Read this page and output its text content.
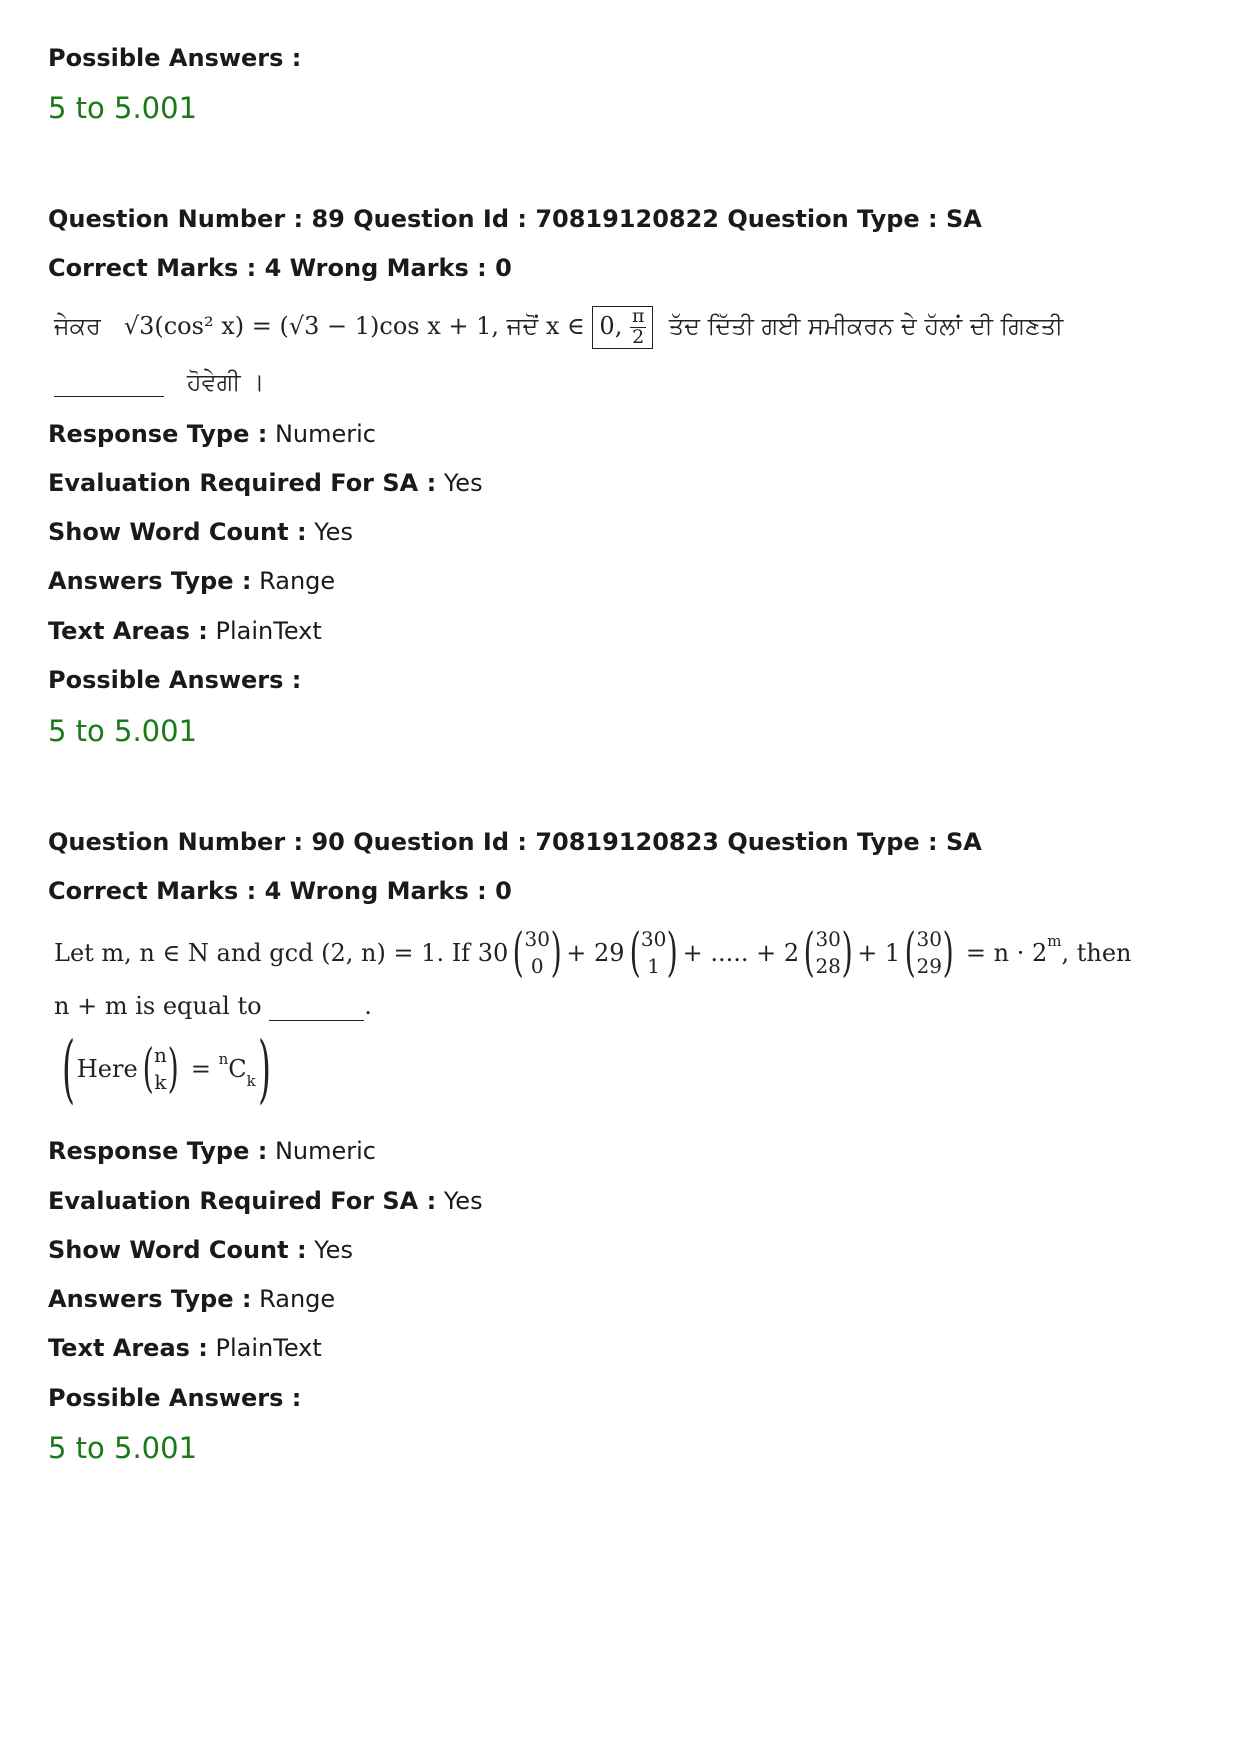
Possible Answers :
5 to 5.001
Question Number : 89 Question Id : 70819120822 Question Type : SA
Correct Marks : 4 Wrong Marks : 0
ਜੇਕਰ √3(cos² x) = (√3 − 1)cos x + 1, ਜਦੋਂ x ∈ 0, $\frac{\pi}{2}$ ਤੱਦ ਦਿੱਤੀ ਗਈ ਸਮੀਕਰਨ ਦੇ ਹੱਲਾਂ ਦੀ ਗਿਣਤੀ
ਹੋਵੇਗੀ ।
Response Type : Numeric
Evaluation Required For SA : Yes
Show Word Count : Yes
Answers Type : Range
Text Areas : PlainText
Possible Answers :
5 to 5.001
Question Number : 90 Question Id : 70819120823 Question Type : SA
Correct Marks : 4 Wrong Marks : 0
Let m, n ∈ N and gcd (2, n) = 1. If 30 ( 30
0 ) + 29 ( 30
1 ) + ..... + 2 ( 30
28 ) + 1 ( 30
29 )
= $n \cdot 2^m$ , then
n + m is equal to	.
( Here ( n
k )
=
$^n$ $C_k$ )
Response Type : Numeric
Evaluation Required For SA : Yes
Show Word Count : Yes
Answers Type : Range
Text Areas : PlainText
Possible Answers :
5 to 5.001
